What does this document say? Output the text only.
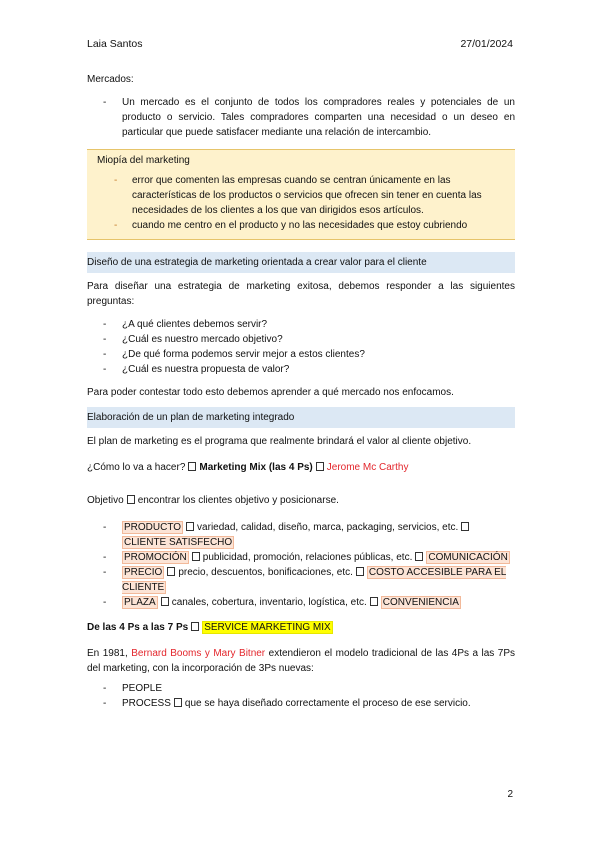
Laia Santos	27/01/2024

Mercados:

- Un mercado es el conjunto de todos los compradores reales y potenciales de un producto o servicio. Tales compradores comparten una necesidad o un deseo en particular que puede satisfacer mediante una relación de intercambio.

Miopía del marketing

- error que comenten las empresas cuando se centran únicamente en las características de los productos o servicios que ofrecen sin tener en cuenta las necesidades de los clientes a los que van dirigidos esos artículos.
- cuando me centro en el producto y no las necesidades que estoy cubriendo
Diseño de una estrategia de marketing orientada a crear valor para el cliente

Para diseñar una estrategia de marketing exitosa, debemos responder a las siguientes preguntas:

- ¿A qué clientes debemos servir?
- ¿Cuál es nuestro mercado objetivo?
- ¿De qué forma podemos servir mejor a estos clientes?
- ¿Cuál es nuestra propuesta de valor?

Para poder contestar todo esto debemos aprender a qué mercado nos enfocamos.

Elaboración de un plan de marketing integrado

El plan de marketing es el programa que realmente brindará el valor al cliente objetivo.

¿Cómo lo va a hacer? Marketing Mix (las 4 Ps) Jerome Mc Carthy

Objetivo encontrar los clientes objetivo y posicionarse.

- PRODUCTO variedad, calidad, diseño, marca, packaging, servicios, etc.CLIENTE SATISFECHO
- PROMOCIÓN publicidad, promoción, relaciones públicas, etc. COMUNICACIÓN
- PRECIO precio, descuentos, bonificaciones, etc. COSTO ACCESIBLE PARA EL CLIENTE
- PLAZA canales, cobertura, inventario, logística, etc. CONVENIENCIA

De las 4 Ps a las 7 Ps SERVICE MARKETING MIX

En 1981, Bernard Booms y Mary Bitner extendieron el modelo tradicional de las 4Ps a las 7Ps del marketing, con la incorporación de 3Ps nuevas:

- PEOPLE
- PROCESS que se haya diseñado correctamente el proceso de ese servicio.
2
